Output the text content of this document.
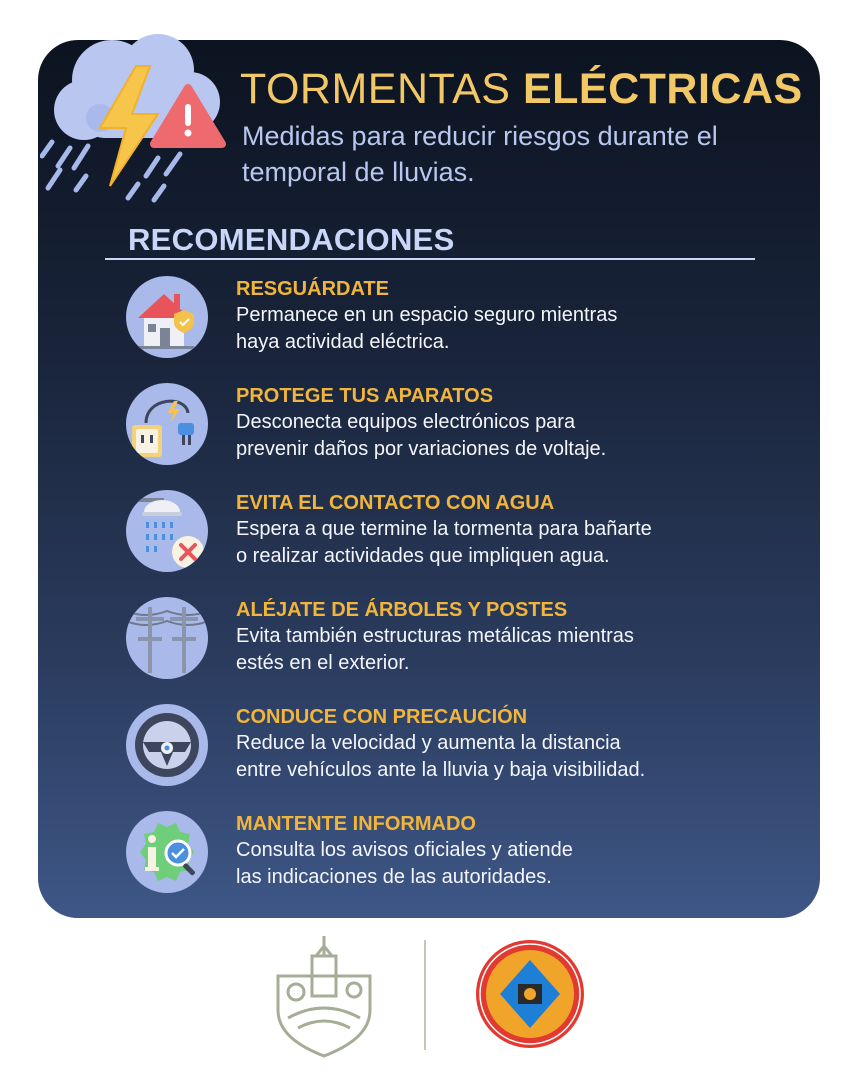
TORMENTAS ELÉCTRICAS
Medidas para reducir riesgos durante el temporal de lluvias.
RECOMENDACIONES
RESGUÁRDATE
Permanece en un espacio seguro mientras
haya actividad eléctrica.
PROTEGE TUS APARATOS
Desconecta equipos electrónicos para
prevenir daños por variaciones de voltaje.
EVITA EL CONTACTO CON AGUA
Espera a que termine la tormenta para bañarte
o realizar actividades que impliquen agua.
ALÉJATE DE ÁRBOLES Y POSTES
Evita también estructuras metálicas mientras
estés en el exterior.
CONDUCE CON PRECAUCIÓN
Reduce la velocidad y aumenta la distancia
entre vehículos ante la lluvia y baja visibilidad.
MANTENTE INFORMADO
Consulta los avisos oficiales y atiende
las indicaciones de las autoridades.
